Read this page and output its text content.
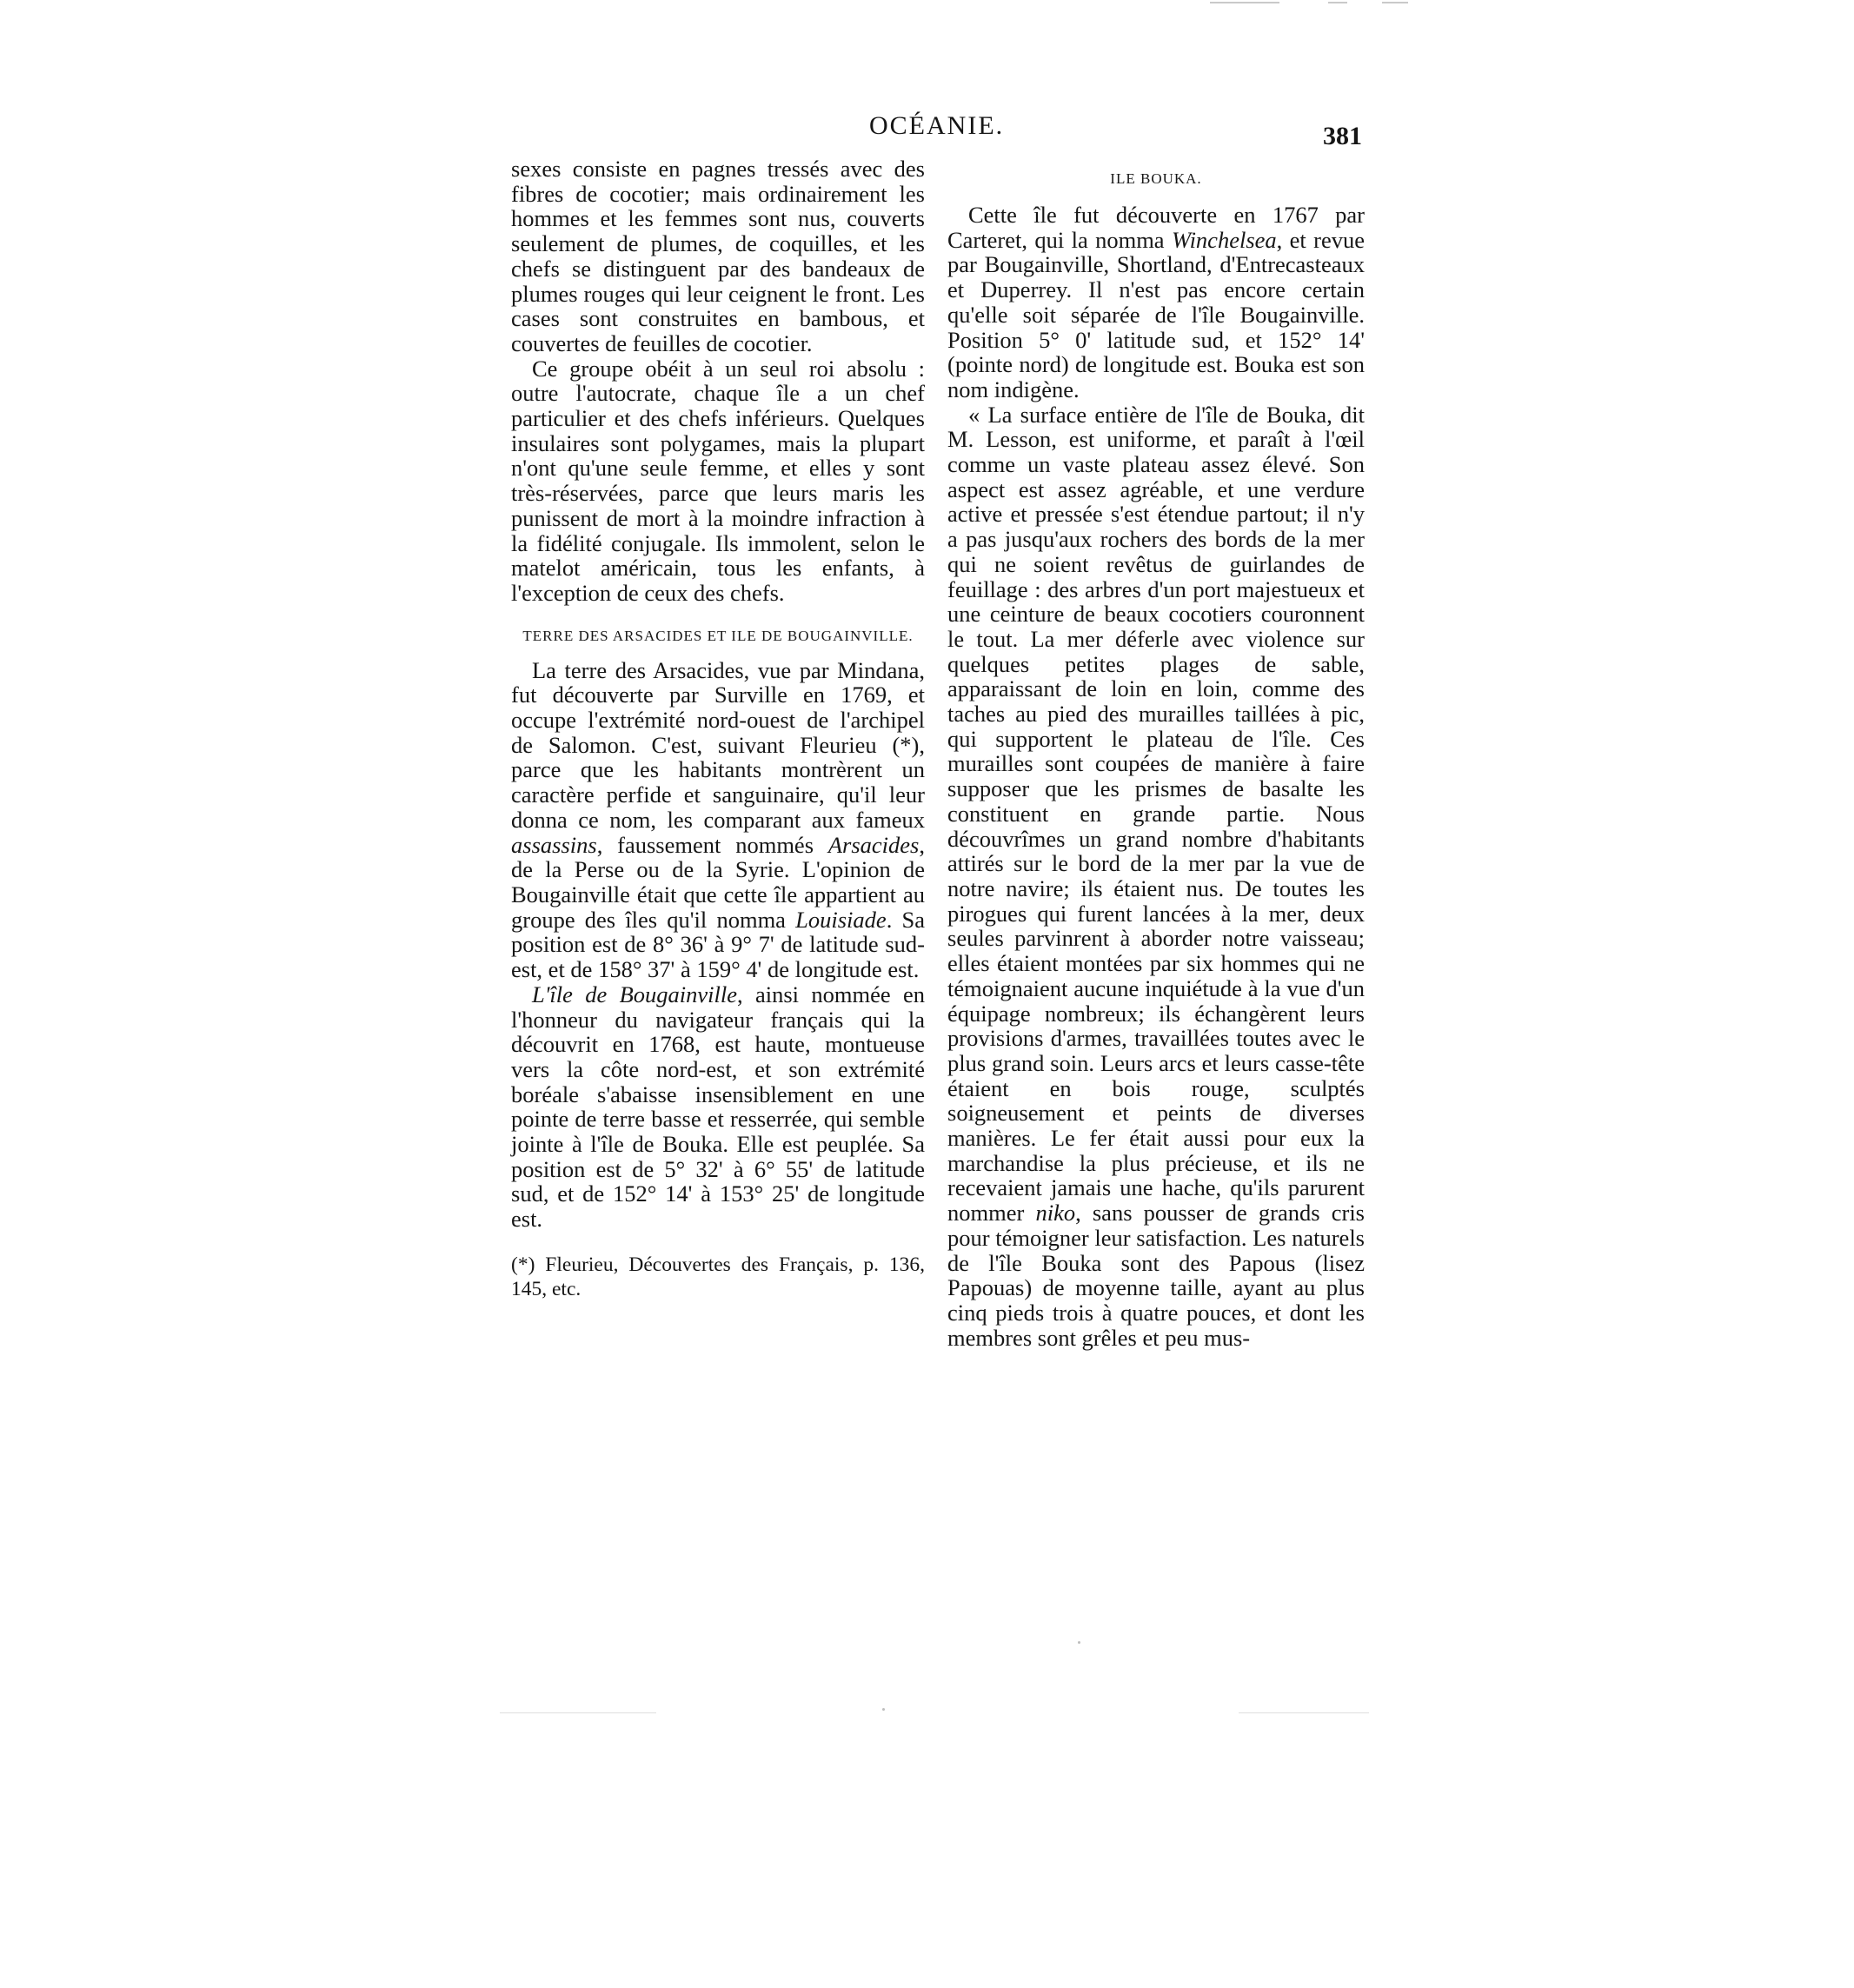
OCÉANIE.	381

sexes consiste en pagnes tressés avec des fibres de cocotier; mais ordinairement les hommes et les femmes sont nus, couverts seulement de plumes, de coquilles, et les chefs se distinguent par des bandeaux de plumes rouges qui leur ceignent le front. Les cases sont construites en bambous, et couvertes de feuilles de cocotier.

Ce groupe obéit à un seul roi absolu : outre l'autocrate, chaque île a un chef particulier et des chefs inférieurs. Quelques insulaires sont polygames, mais la plupart n'ont qu'une seule femme, et elles y sont très-réservées, parce que leurs maris les punissent de mort à la moindre infraction à la fidélité conjugale. Ils immolent, selon le matelot américain, tous les enfants, à l'exception de ceux des chefs.

TERRE DES ARSACIDES ET ILE DE BOUGAINVILLE.

La terre des Arsacides, vue par Mindana, fut découverte par Surville en 1769, et occupe l'extrémité nord-ouest de l'archipel de Salomon. C'est, suivant Fleurieu (*), parce que les habitants montrèrent un caractère perfide et sanguinaire, qu'il leur donna ce nom, les comparant aux fameux assassins, faussement nommés Arsacides, de la Perse ou de la Syrie. L'opinion de Bougainville était que cette île appartient au groupe des îles qu'il nomma Louisiade. Sa position est de 8° 36' à 9° 7' de latitude sud-est, et de 158° 37' à 159° 4' de longitude est.

L'île de Bougainville, ainsi nommée en l'honneur du navigateur français qui la découvrit en 1768, est haute, montueuse vers la côte nord-est, et son extrémité boréale s'abaisse insensiblement en une pointe de terre basse et resserrée, qui semble jointe à l'île de Bouka. Elle est peuplée. Sa position est de 5° 32' à 6° 55' de latitude sud, et de 152° 14' à 153° 25' de longitude est.

(*) Fleurieu, Découvertes des Français, p. 136, 145, etc.

ILE BOUKA.

Cette île fut découverte en 1767 par Carteret, qui la nomma Winchelsea, et revue par Bougainville, Shortland, d'Entrecasteaux et Duperrey. Il n'est pas encore certain qu'elle soit séparée de l'île Bougainville. Position 5° 0' latitude sud, et 152° 14' (pointe nord) de longitude est. Bouka est son nom indigène.

« La surface entière de l'île de Bouka, dit M. Lesson, est uniforme, et paraît à l'œil comme un vaste plateau assez élevé. Son aspect est assez agréable, et une verdure active et pressée s'est étendue partout; il n'y a pas jusqu'aux rochers des bords de la mer qui ne soient revêtus de guirlandes de feuillage : des arbres d'un port majestueux et une ceinture de beaux cocotiers couronnent le tout. La mer déferle avec violence sur quelques petites plages de sable, apparaissant de loin en loin, comme des taches au pied des murailles taillées à pic, qui supportent le plateau de l'île. Ces murailles sont coupées de manière à faire supposer que les prismes de basalte les constituent en grande partie. Nous découvrîmes un grand nombre d'habitants attirés sur le bord de la mer par la vue de notre navire; ils étaient nus. De toutes les pirogues qui furent lancées à la mer, deux seules parvinrent à aborder notre vaisseau; elles étaient montées par six hommes qui ne témoignaient aucune inquiétude à la vue d'un équipage nombreux; ils échangèrent leurs provisions d'armes, travaillées toutes avec le plus grand soin. Leurs arcs et leurs casse-tête étaient en bois rouge, sculptés soigneusement et peints de diverses manières. Le fer était aussi pour eux la marchandise la plus précieuse, et ils ne recevaient jamais une hache, qu'ils parurent nommer niko, sans pousser de grands cris pour témoigner leur satisfaction. Les naturels de l'île Bouka sont des Papous (lisez Papouas) de moyenne taille, ayant au plus cinq pieds trois à quatre pouces, et dont les membres sont grêles et peu mus-
